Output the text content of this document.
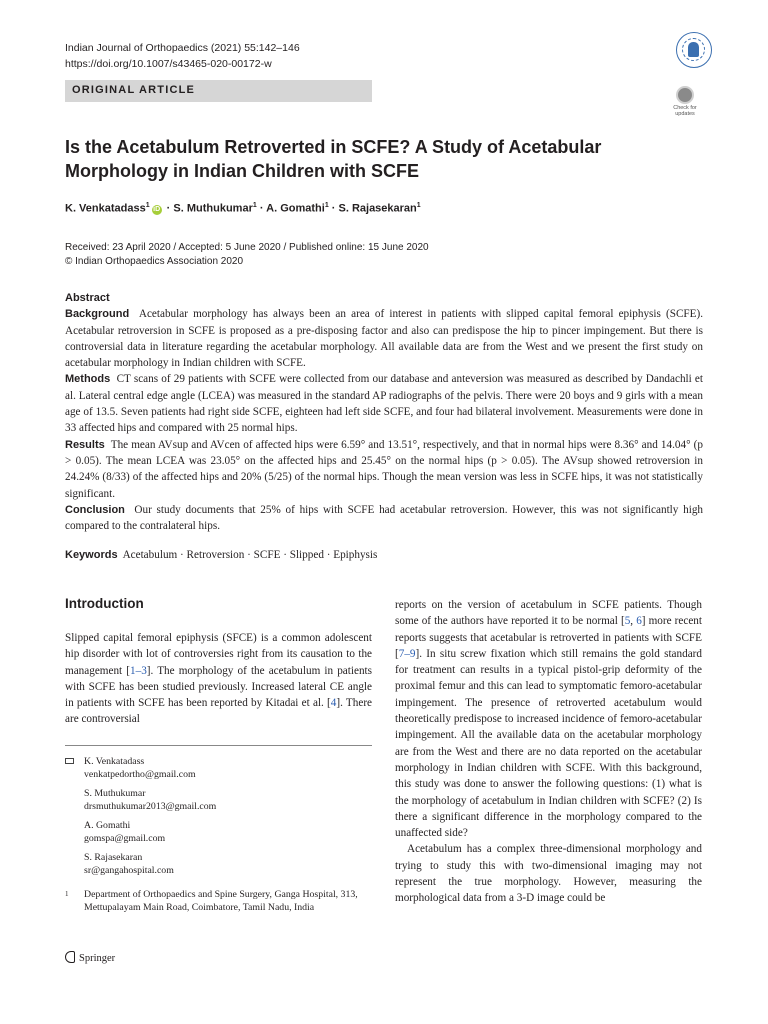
Indian Journal of Orthopaedics (2021) 55:142–146
https://doi.org/10.1007/s43465-020-00172-w
ORIGINAL ARTICLE
Check for
updates
Is the Acetabulum Retroverted in SCFE? A Study of Acetabular
Morphology in Indian Children with SCFE
K. Venkatadass$^1$iD · S. Muthukumar$^1$ · A. Gomathi$^1$ · S. Rajasekaran$^1$
Received: 23 April 2020 / Accepted: 5 June 2020 / Published online: 15 June 2020
© Indian Orthopaedics Association 2020
Abstract

Background Acetabular morphology has always been an area of interest in patients with slipped capital femoral epiphysis (SCFE). Acetabular retroversion in SCFE is proposed as a pre-disposing factor and also can predispose the hip to pincer impingement. But there is controversial data in literature regarding the acetabular morphology. All available data are from the West and we present the first study on acetabular morphology in Indian children with SCFE.

Methods CT scans of 29 patients with SCFE were collected from our database and anteversion was measured as described by Dandachli et al. Lateral central edge angle (LCEA) was measured in the standard AP radiographs of the pelvis. There were 20 boys and 9 girls with a mean age of 13.5. Seven patients had right side SCFE, eighteen had left side SCFE, and four had bilateral involvement. Measurements were done in 33 affected hips and compared with 25 normal hips.

Results The mean AVsup and AVcen of affected hips were 6.59° and 13.51°, respectively, and that in normal hips were 8.36° and 14.04° (p > 0.05). The mean LCEA was 23.05° on the affected hips and 25.45° on the normal hips (p > 0.05). The AVsup showed retroversion in 24.24% (8/33) of the affected hips and 20% (5/25) of the normal hips. Though the mean version was less in SCFE hips, it was not statistically significant.

Conclusion Our study documents that 25% of hips with SCFE had acetabular retroversion. However, this was not significantly high compared to the contralateral hips.

Keywords Acetabulum · Retroversion · SCFE · Slipped · Epiphysis
Introduction

Slipped capital femoral epiphysis (SFCE) is a common adolescent hip disorder with lot of controversies right from its causation to the management [1–3]. The morphology of the acetabulum in patients with SCFE has been studied previously. Increased lateral CE angle in patients with SCFE has been reported by Kitadai et al. [4]. There are controversial

reports on the version of acetabulum in SCFE patients. Though some of the authors have reported it to be normal [5, 6] more recent reports suggests that acetabular is retroverted in patients with SCFE [7–9]. In situ screw fixation which still remains the gold standard for treatment can results in a typical pistol-grip deformity of the proximal femur and this can lead to symptomatic femoro-acetabular impingement. The presence of retroverted acetabulum would theoretically predispose to increased incidence of femoro-acetabular impingement. All the available data on the acetabular morphology are from the West and there are no data reported on the acetabular morphology in Indian children with SCFE. With this background, this study was done to answer the following questions: (1) what is the morphology of acetabulum in Indian children with SCFE? (2) Is there a significant difference in the morphology compared to the unaffected side?

Acetabulum has a complex three-dimensional morphology and trying to study this with two-dimensional imaging may not represent the true morphology. However, measuring the morphological data from a 3-D image could be

K. Venkatadass
venkatpedortho@gmail.com
S. Muthukumar
drsmuthukumar2013@gmail.com
A. Gomathi
gomspa@gmail.com
S. Rajasekaran
sr@gangahospital.com
1 Department of Orthopaedics and Spine Surgery, Ganga Hospital, 313, Mettupalayam Main Road, Coimbatore, Tamil Nadu, India
Springer
